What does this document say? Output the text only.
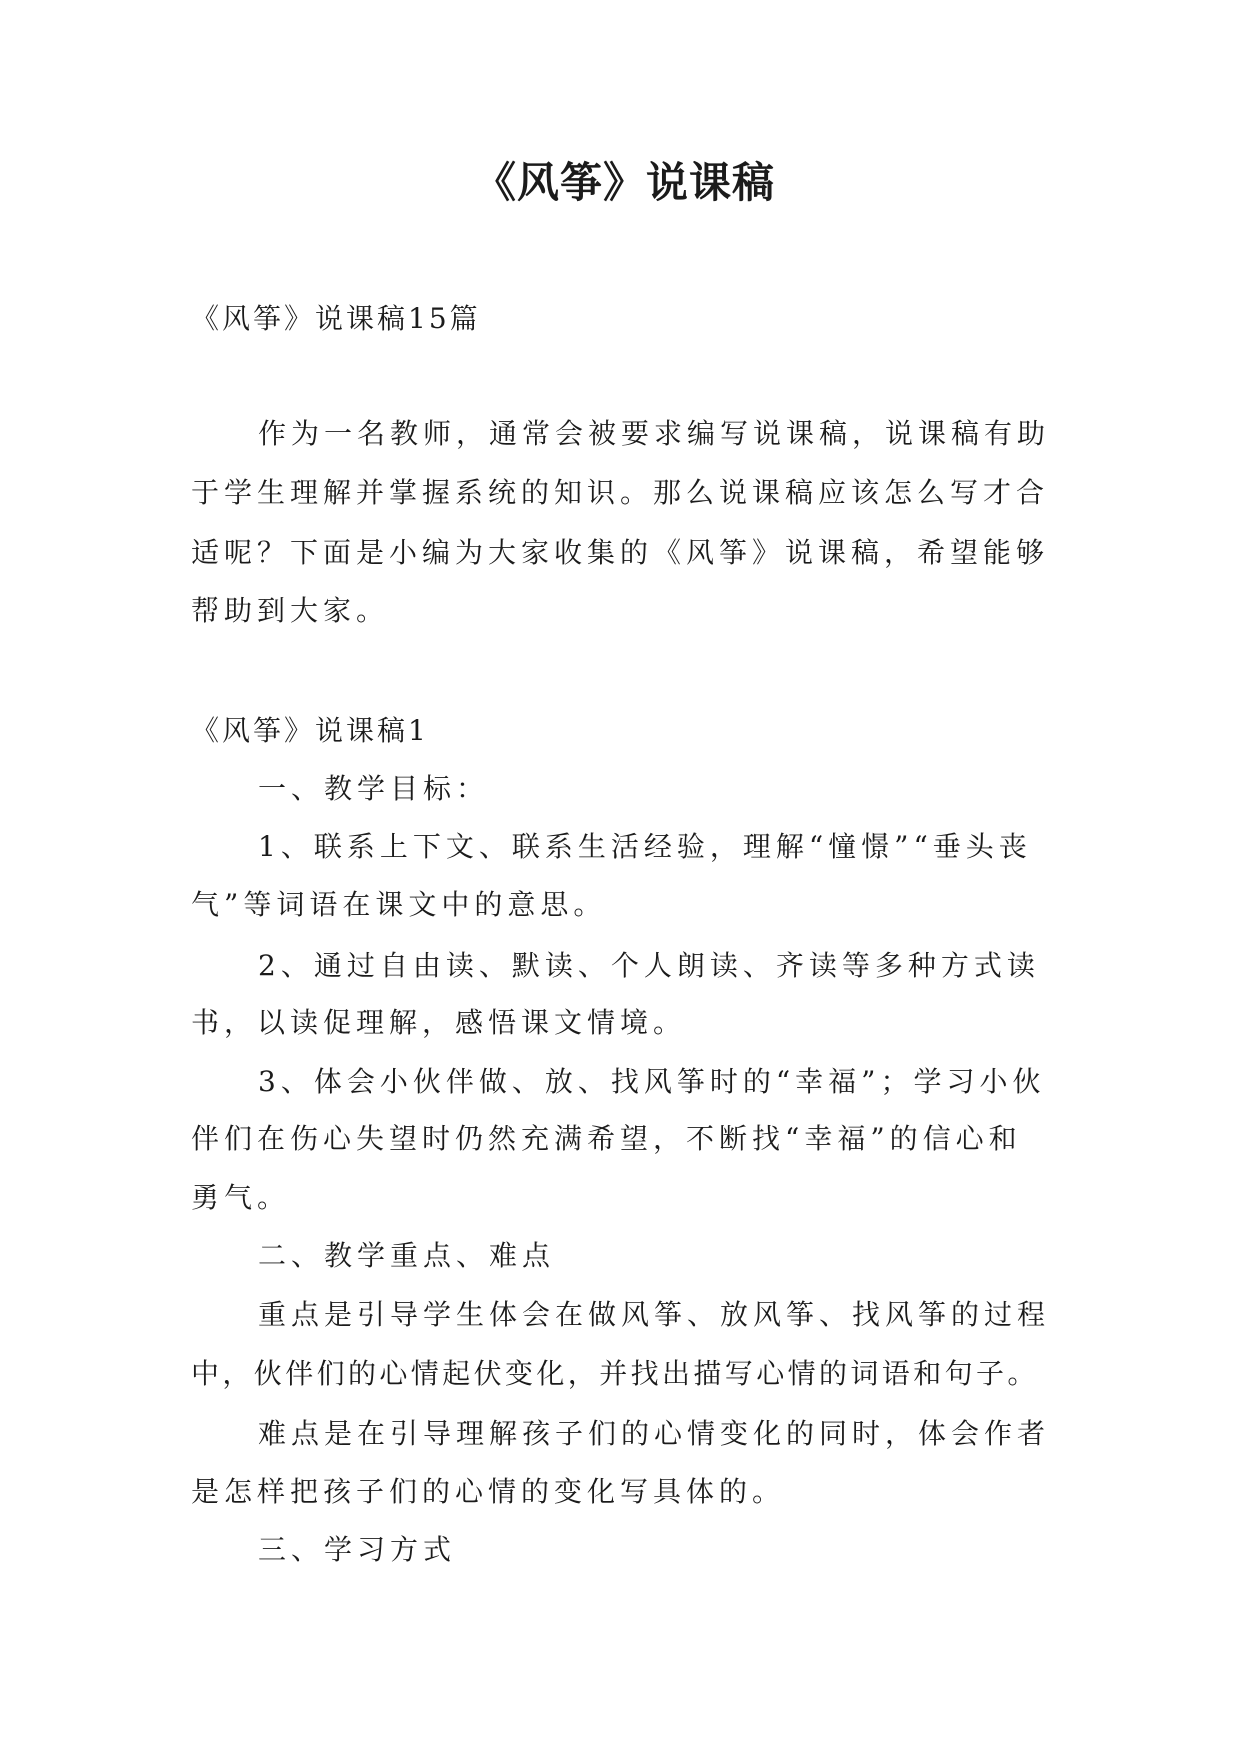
《风筝》说课稿
《风筝》说课稿15篇
作为一名教师，通常会被要求编写说课稿，说课稿有助
于学生理解并掌握系统的知识。那么说课稿应该怎么写才合
适呢？下面是小编为大家收集的《风筝》说课稿，希望能够
帮助到大家。
《风筝》说课稿1
一、教学目标：
1、联系上下文、联系生活经验，理解“憧憬”“垂头丧
气”等词语在课文中的意思。
2、通过自由读、默读、个人朗读、齐读等多种方式读
书，以读促理解，感悟课文情境。
3、体会小伙伴做、放、找风筝时的“幸福”；学习小伙
伴们在伤心失望时仍然充满希望，不断找“幸福”的信心和
勇气。
二、教学重点、难点
重点是引导学生体会在做风筝、放风筝、找风筝的过程
中，伙伴们的心情起伏变化，并找出描写心情的词语和句子。
难点是在引导理解孩子们的心情变化的同时，体会作者
是怎样把孩子们的心情的变化写具体的。
三、学习方式
